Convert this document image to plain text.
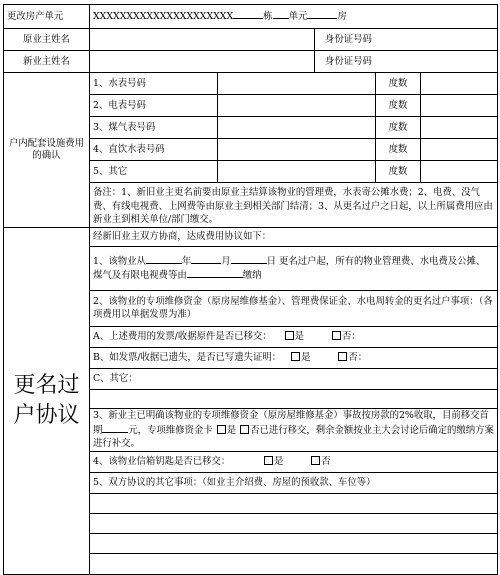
更改房产单元	XXXXXXXXXXXXXXXXXXXXX 栋 单元 房				
原业主姓名			身份证号码		
新业主姓名			身份证号码		
户内配套设施费用的确认	1、水表号码			度数	
	2、电表号码			度数	
	3、煤气表号码			度数	
	4、直饮水表号码			度数	
	5、其它			度数	
	备注：1、新旧业主更名前要由原业主结算该物业的管理费，水表寄公摊水费；2、电费、没气费、有线电视费、上网费等由原业主到相关部门结清；3、从更名过户之日起，以上所属费用应由新业主到相关单位/部门缴交。				
更名过户协议	经新旧业主双方协商，达成费用协议如下：				
	1、该物业从 年 月 日 更名过户起，所有的物业管理费、水电费及公摊、煤气及有限电视费等由 缴纳				
	2、该物业的专项维修资金（原房屋维修基金）、管理费保证金、水电周转金的更名过户事项：（各项费用以单据发票为准）				
	A、上述费用的发票/收据原件是否已移交： 是 否：				
	B、如发票/收据已遗失，是否已写遗失证明： 是 否：				
	C、其它：				

	3、新业主已明确该物业的专项维修资金（原房屋维修基金）事故按房款的2%收取，目前移交首期 元，专项维修资金卡 是 否已进行移交，剩余金额按业主大会讨论后确定的缴纳方案进行补交。				
	4、该物业信箱钥匙是否已移交： 是 否				
	5、双方协议的其它事项：（如业主介绍费、房屋的预收款、车位等）				
